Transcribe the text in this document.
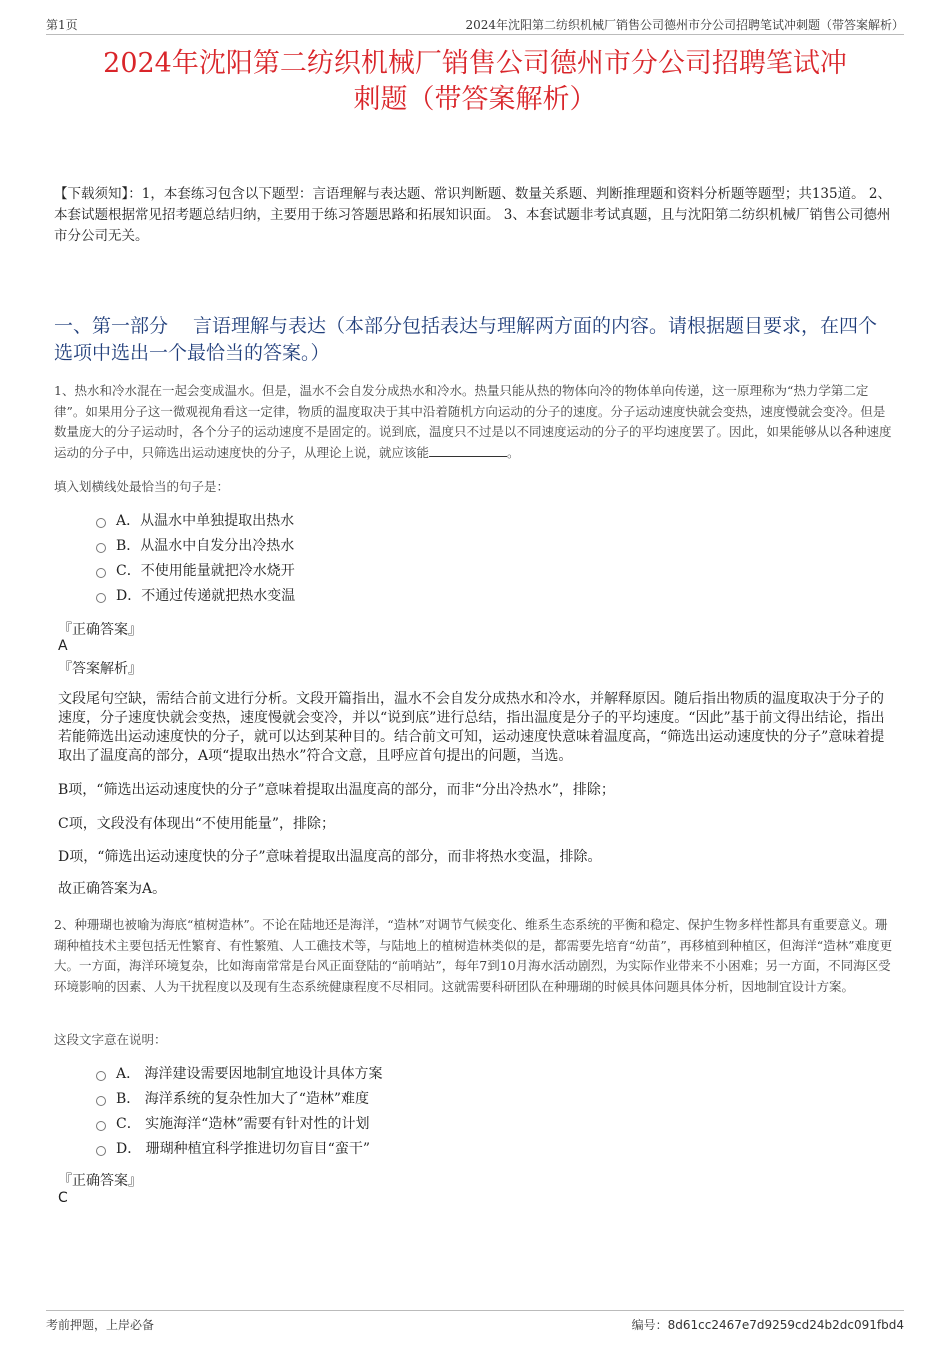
第1页	2024年沈阳第二纺织机械厂销售公司德州市分公司招聘笔试冲刺题（带答案解析）
2024年沈阳第二纺织机械厂销售公司德州市分公司招聘笔试冲
刺题（带答案解析）
【下载须知】：1，本套练习包含以下题型：言语理解与表达题、常识判断题、数量关系题、判断推理题和资料分析题等题型；共135道。 2、本套试题根据常见招考题总结归纳，主要用于练习答题思路和拓展知识面。 3、本套试题非考试真题，且与沈阳第二纺织机械厂销售公司德州市分公司无关。
一、第一部分　 言语理解与表达（本部分包括表达与理解两方面的内容。请根据题目要求，在四个选项中选出一个最恰当的答案。）
1、热水和冷水混在一起会变成温水。但是，温水不会自发分成热水和冷水。热量只能从热的物体向冷的物体单向传递，这一原理称为“热力学第二定律”。如果用分子这一微观视角看这一定律，物质的温度取决于其中沿着随机方向运动的分子的速度。分子运动速度快就会变热，速度慢就会变冷。但是数量庞大的分子运动时，各个分子的运动速度不是固定的。说到底，温度只不过是以不同速度运动的分子的平均速度罢了。因此，如果能够从以各种速度运动的分子中，只筛选出运动速度快的分子，从理论上说，就应该能	。
填入划横线处最恰当的句子是：
A．从温水中单独提取出热水
B．从温水中自发分出冷热水
C．不使用能量就把冷水烧开
D．不通过传递就把热水变温
『正确答案』
A
『答案解析』
文段尾句空缺，需结合前文进行分析。文段开篇指出，温水不会自发分成热水和冷水，并解释原因。随后指出物质的温度取决于分子的速度，分子速度快就会变热，速度慢就会变冷，并以“说到底”进行总结，指出温度是分子的平均速度。“因此”基于前文得出结论，指出若能筛选出运动速度快的分子，就可以达到某种目的。结合前文可知，运动速度快意味着温度高，“筛选出运动速度快的分子”意味着提取出了温度高的部分，A项“提取出热水”符合文意，且呼应首句提出的问题，当选。
B项，“筛选出运动速度快的分子”意味着提取出温度高的部分，而非“分出冷热水”，排除；
C项，文段没有体现出“不使用能量”，排除；
D项，“筛选出运动速度快的分子”意味着提取出温度高的部分，而非将热水变温，排除。
故正确答案为A。
2、种珊瑚也被喻为海底“植树造林”。不论在陆地还是海洋，“造林”对调节气候变化、维系生态系统的平衡和稳定、保护生物多样性都具有重要意义。珊瑚种植技术主要包括无性繁育、有性繁殖、人工礁技术等，与陆地上的植树造林类似的是，都需要先培育“幼苗”，再移植到种植区，但海洋“造林”难度更大。一方面，海洋环境复杂，比如海南常常是台风正面登陆的“前哨站”，每年7到10月海水活动剧烈，为实际作业带来不小困难；另一方面，不同海区受环境影响的因素、人为干扰程度以及现有生态系统健康程度不尽相同。这就需要科研团队在种珊瑚的时候具体问题具体分析，因地制宜设计方案。
这段文字意在说明：
A． 海洋建设需要因地制宜地设计具体方案
B． 海洋系统的复杂性加大了“造林”难度
C． 实施海洋“造林”需要有针对性的计划
D． 珊瑚种植宜科学推进切勿盲目“蛮干”
『正确答案』
C
考前押题，上岸必备	编号：8d61cc2467e7d9259cd24b2dc091fbd4
